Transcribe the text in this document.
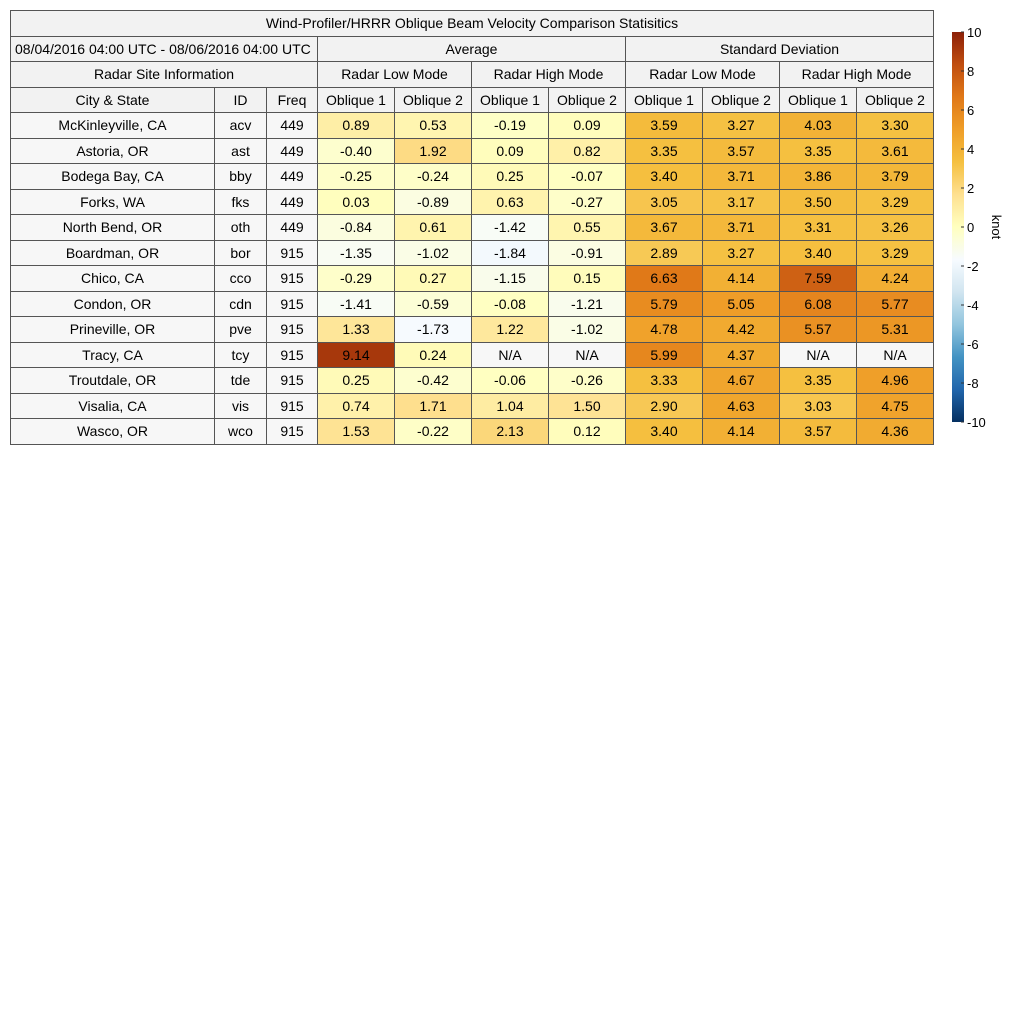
Wind-Profiler/HRRR Oblique Beam Velocity Comparison Statisitics										
08/04/2016 04:00 UTC - 08/06/2016 04:00 UTC			Average				Standard Deviation			
Radar Site Information			Radar Low Mode		Radar High Mode		Radar Low Mode		Radar High Mode	
City & State	ID	Freq	Oblique 1	Oblique 2	Oblique 1	Oblique 2	Oblique 1	Oblique 2	Oblique 1	Oblique 2
McKinleyville, CA	acv	449	0.89	0.53	-0.19	0.09	3.59	3.27	4.03	3.30
Astoria, OR	ast	449	-0.40	1.92	0.09	0.82	3.35	3.57	3.35	3.61
Bodega Bay, CA	bby	449	-0.25	-0.24	0.25	-0.07	3.40	3.71	3.86	3.79
Forks, WA	fks	449	0.03	-0.89	0.63	-0.27	3.05	3.17	3.50	3.29
North Bend, OR	oth	449	-0.84	0.61	-1.42	0.55	3.67	3.71	3.31	3.26
Boardman, OR	bor	915	-1.35	-1.02	-1.84	-0.91	2.89	3.27	3.40	3.29
Chico, CA	cco	915	-0.29	0.27	-1.15	0.15	6.63	4.14	7.59	4.24
Condon, OR	cdn	915	-1.41	-0.59	-0.08	-1.21	5.79	5.05	6.08	5.77
Prineville, OR	pve	915	1.33	-1.73	1.22	-1.02	4.78	4.42	5.57	5.31
Tracy, CA	tcy	915	9.14	0.24	N/A	N/A	5.99	4.37	N/A	N/A
Troutdale, OR	tde	915	0.25	-0.42	-0.06	-0.26	3.33	4.67	3.35	4.96
Visalia, CA	vis	915	0.74	1.71	1.04	1.50	2.90	4.63	3.03	4.75
Wasco, OR	wco	915	1.53	-0.22	2.13	0.12	3.40	4.14	3.57	4.36
10
8
6
4
2
0
-2
-4
-6
-8
-10
knot
